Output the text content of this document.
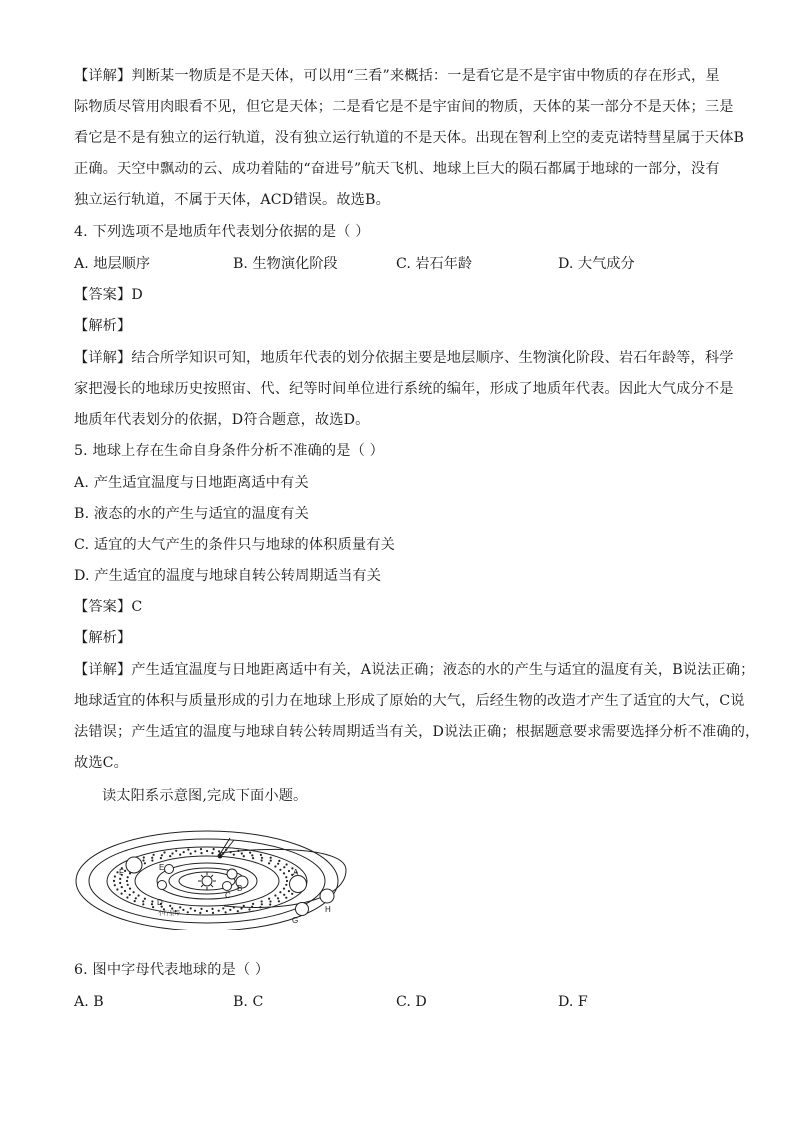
【详解】判断某一物质是不是天体，可以用“三看”来概括：一是看它是不是宇宙中物质的存在形式，星
际物质尽管用肉眼看不见，但它是天体；二是看它是不是宇宙间的物质，天体的某一部分不是天体；三是
看它是不是有独立的运行轨道，没有独立运行轨道的不是天体。出现在智利上空的麦克诺特彗星属于天体B
正确。天空中飘动的云、成功着陆的“奋进号”航天飞机、地球上巨大的陨石都属于地球的一部分，没有
独立运行轨道，不属于天体，ACD错误。故选B。
4. 下列选项不是地质年代表划分依据的是（ ）
A. 地层顺序	B. 生物演化阶段	C. 岩石年龄	D. 大气成分
【答案】D
【解析】
【详解】结合所学知识可知，地质年代表的划分依据主要是地层顺序、生物演化阶段、岩石年龄等，科学
家把漫长的地球历史按照宙、代、纪等时间单位进行系统的编年，形成了地质年代表。因此大气成分不是
地质年代表划分的依据，D符合题意，故选D。
5. 地球上存在生命自身条件分析不准确的是（ ）
A. 产生适宜温度与日地距离适中有关
B. 液态的水的产生与适宜的温度有关
C. 适宜的大气产生的条件只与地球的体积质量有关
D. 产生适宜的温度与地球自转公转周期适当有关
【答案】C
【解析】
【详解】产生适宜温度与日地距离适中有关，A说法正确；液态的水的产生与适宜的温度有关，B说法正确；
地球适宜的体积与质量形成的引力在地球上形成了原始的大气，后经生物的改造才产生了适宜的大气，C说
法错误；产生适宜的温度与地球自转公转周期适当有关，D说法正确；根据题意要求需要选择分析不准确的，
故选C。
读太阳系示意图,完成下面小题。
A
B
C
D
E
F
G
H
小行星带
6. 图中字母代表地球的是（ ）
A. B	B. C	C. D	D. F
